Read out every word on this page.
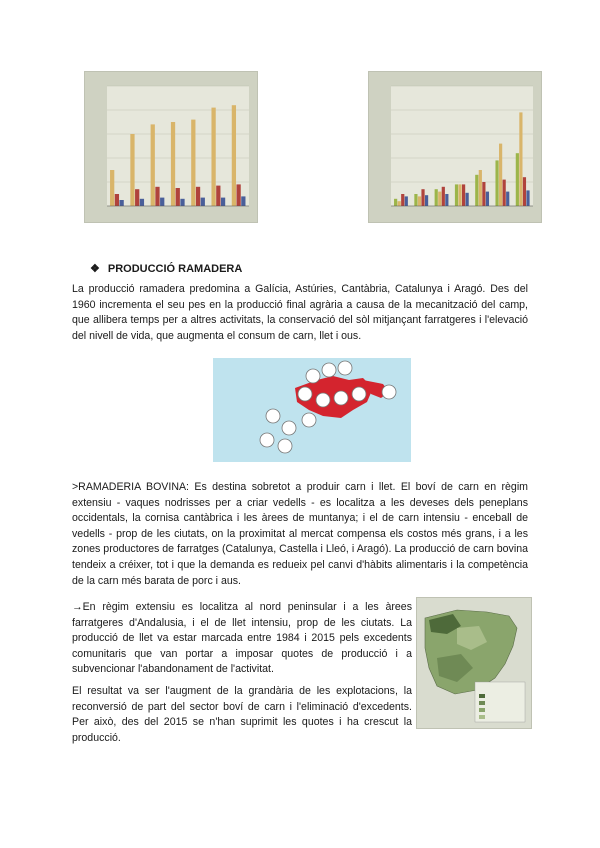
❖ PRODUCCIÓ RAMADERA

La producció ramadera predomina a Galícia, Astúries, Cantàbria, Catalunya i Aragó. Des del 1960 incrementa el seu pes en la producció final agrària a causa de la mecanització del camp, que allibera temps per a altres activitats, la conservació del sòl mitjançant farratgeres i l'elevació del nivell de vida, que augmenta el consum de carn, llet i ous.

>RAMADERIA BOVINA: Es destina sobretot a produir carn i llet. El boví de carn en règim extensiu - vaques nodrisses per a criar vedells - es localitza a les deveses dels peneplans occidentals, la cornisa cantàbrica i les àrees de muntanya; i el de carn intensiu - enceball de vedells - prop de les ciutats, on la proximitat al mercat compensa els costos més grans, i a les zones productores de farratges (Catalunya, Castella i Lleó, i Aragó). La producció de carn bovina tendeix a créixer, tot i que la demanda es redueix pel canvi d'hàbits alimentaris i la competència de la carn més barata de porc i aus.

→En règim extensiu es localitza al nord peninsular i a les àrees farratgeres d'Andalusia, i el de llet intensiu, prop de les ciutats. La producció de llet va estar marcada entre 1984 i 2015 pels excedents comunitaris que van portar a imposar quotes de producció i a subvencionar l'abandonament de l'activitat.

El resultat va ser l'augment de la grandària de les explotacions, la reconversió de part del sector boví de carn i l'eliminació d'excedents. Per això, des del 2015 se n'han suprimit les quotes i ha crescut la producció.
